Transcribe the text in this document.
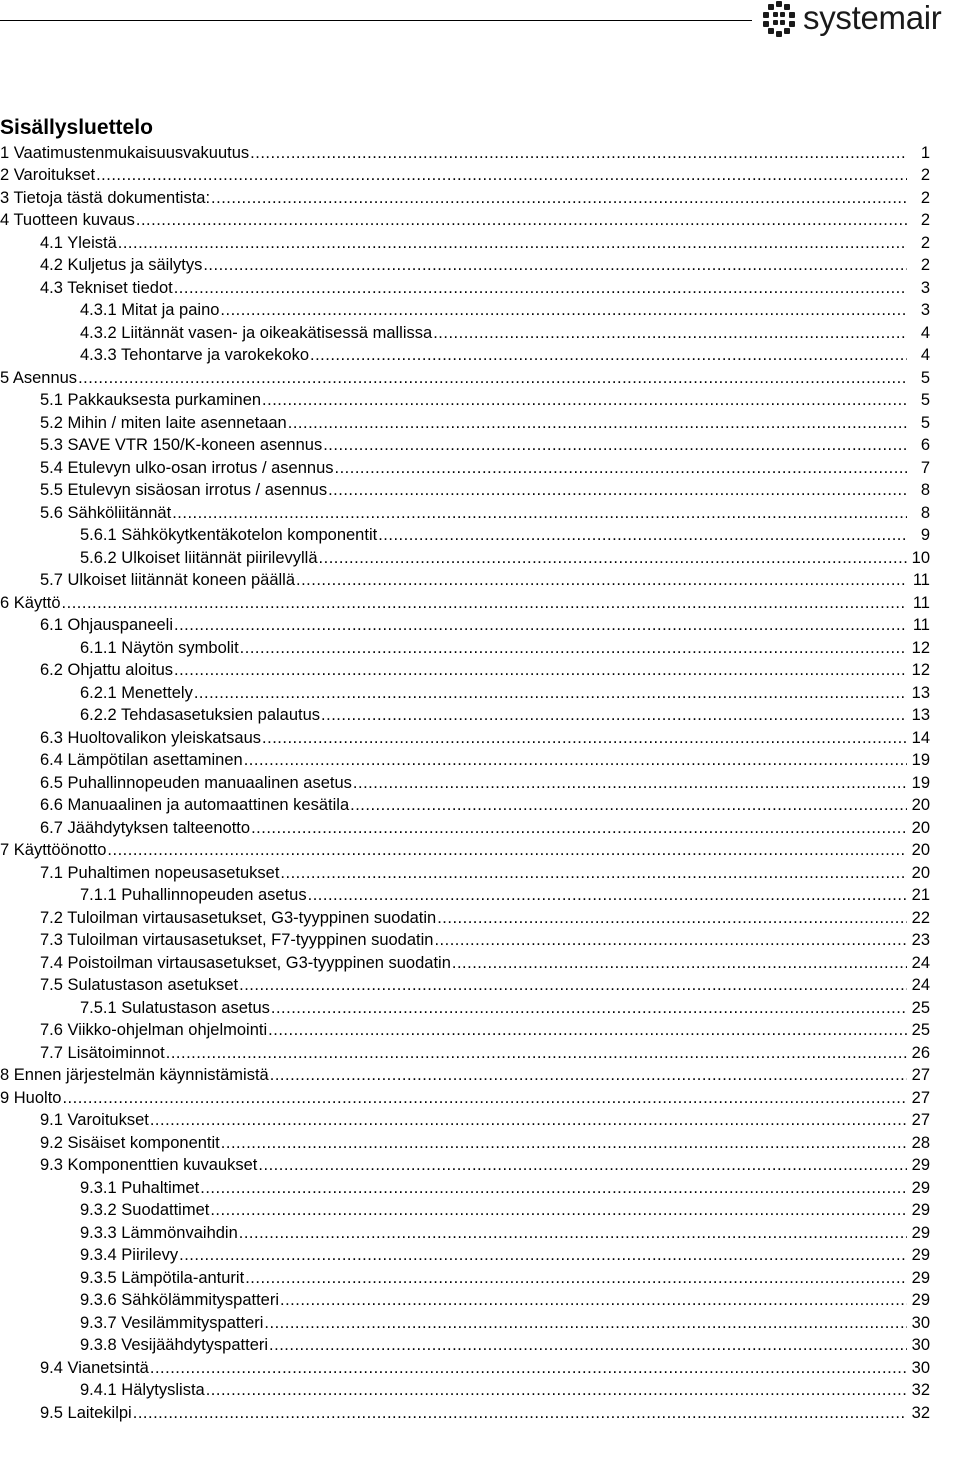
systemair
Sisällysluettelo
1 Vaatimustenmukaisuusvakuutus .....	1
2 Varoitukset .....	2
3 Tietoja tästä dokumentista: .....	2
4 Tuotteen kuvaus .....	2
4.1 Yleistä .....	2
4.2 Kuljetus ja säilytys .....	2
4.3 Tekniset tiedot .....	3
4.3.1 Mitat ja paino .....	3
4.3.2 Liitännät vasen- ja oikeakätisessä mallissa .....	4
4.3.3 Tehontarve ja varokekoko .....	4
5 Asennus .....	5
5.1 Pakkauksesta purkaminen .....	5
5.2 Mihin / miten laite asennetaan .....	5
5.3 SAVE VTR 150/K-koneen asennus .....	6
5.4 Etulevyn ulko-osan irrotus / asennus .....	7
5.5 Etulevyn sisäosan irrotus / asennus .....	8
5.6 Sähköliitännät .....	8
5.6.1 Sähkökytkentäkotelon komponentit .....	9
5.6.2 Ulkoiset liitännät piirilevyllä .....	10
5.7 Ulkoiset liitännät koneen päällä .....	11
6 Käyttö .....	11
6.1 Ohjauspaneeli .....	11
6.1.1 Näytön symbolit .....	12
6.2 Ohjattu aloitus .....	12
6.2.1 Menettely .....	13
6.2.2 Tehdasasetuksien palautus .....	13
6.3 Huoltovalikon yleiskatsaus .....	14
6.4 Lämpötilan asettaminen .....	19
6.5 Puhallinnopeuden manuaalinen asetus .....	19
6.6 Manuaalinen ja automaattinen kesätila .....	20
6.7 Jäähdytyksen talteenotto .....	20
7 Käyttöönotto .....	20
7.1 Puhaltimen nopeusasetukset .....	20
7.1.1 Puhallinnopeuden asetus .....	21
7.2 Tuloilman virtausasetukset, G3-tyyppinen suodatin .....	22
7.3 Tuloilman virtausasetukset, F7-tyyppinen suodatin .....	23
7.4 Poistoilman virtausasetukset, G3-tyyppinen suodatin .....	24
7.5 Sulatustason asetukset .....	24
7.5.1 Sulatustason asetus .....	25
7.6 Viikko-ohjelman ohjelmointi .....	25
7.7 Lisätoiminnot .....	26
8 Ennen järjestelmän käynnistämistä .....	27
9 Huolto .....	27
9.1 Varoitukset .....	27
9.2 Sisäiset komponentit .....	28
9.3 Komponenttien kuvaukset .....	29
9.3.1 Puhaltimet .....	29
9.3.2 Suodattimet .....	29
9.3.3 Lämmönvaihdin .....	29
9.3.4 Piirilevy .....	29
9.3.5 Lämpötila-anturit .....	29
9.3.6 Sähkölämmityspatteri .....	29
9.3.7 Vesilämmityspatteri .....	30
9.3.8 Vesijäähdytyspatteri .....	30
9.4 Vianetsintä .....	30
9.4.1 Hälytyslista .....	32
9.5 Laitekilpi .....	32
